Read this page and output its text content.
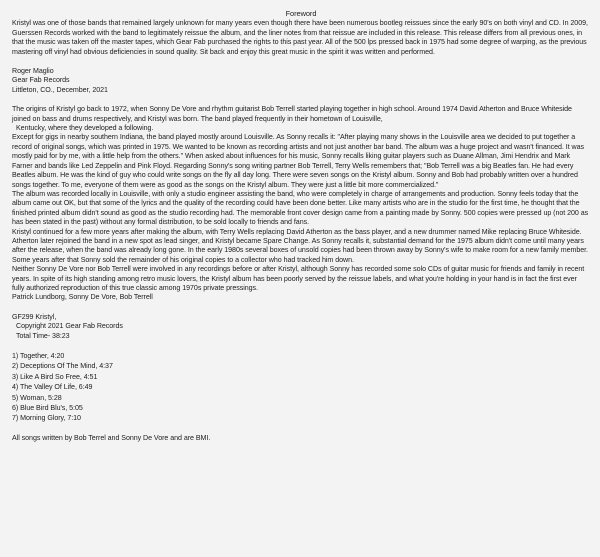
Foreword

Kristyl was one of those bands that remained largely unknown for many years even though there have been numerous bootleg reissues since the early 90's on both vinyl and CD. In 2009, Guerssen Records worked with the band to legitimately reissue the album, and the liner notes from that reissue are included in this release. This release differs from all previous ones, in that the music was taken off the master tapes, which Gear Fab purchased the rights to this past year. All of the 500 lps pressed back in 1975 had some degree of warping, as the previous mastering off vinyl had obvious deficiencies in sound quality. Sit back and enjoy this great music in the spirit it was written and performed.

Roger Maglio

Gear Fab Records

Littleton, CO., December, 2021

The origins of Kristyl go back to 1972, when Sonny De Vore and rhythm guitarist Bob Terrell started playing together in high school. Around 1974 David Atherton and Bruce Whiteside joined on bass and drums respectively, and Kristyl was born. The band played frequently in their hometown of Louisville,

Kentucky, where they developed a following.

Except for gigs in nearby southern Indiana, the band played mostly around Louisville. As Sonny recalls it: "After playing many shows in the Louisville area we decided to put together a record of original songs, which was printed in 1975. We wanted to be known as recording artists and not just another bar band. The album was a huge project and wasn't financed. It was mostly paid for by me, with a little help from the others." When asked about influences for his music, Sonny recalls liking guitar players such as Duane Allman, Jimi Hendrix and Mark Farner and bands like Led Zeppelin and Pink Floyd. Regarding Sonny's song writing partner Bob Terrell, Terry Wells remembers that; "Bob Terrell was a big Beatles fan. He had every Beatles album. He was the kind of guy who could write songs on the fly all day long. There were seven songs on the Kristyl album. Sonny and Bob had probably written over a hundred songs together. To me, everyone of them were as good as the songs on the Kristyl album. They were just a little bit more commercialized."

The album was recorded locally in Louisville, with only a studio engineer assisting the band, who were completely in charge of arrangements and production. Sonny feels today that the album came out OK, but that some of the lyrics and the quality of the recording could have been done better. Like many artists who are in the studio for the first time, he thought that the finished printed album didn't sound as good as the studio recording had. The memorable front cover design came from a painting made by Sonny. 500 copies were pressed up (not 200 as has been stated in the past) without any formal distribution, to be sold locally to friends and fans.

Kristyl continued for a few more years after making the album, with Terry Wells replacing David Atherton as the bass player, and a new drummer named Mike replacing Bruce Whiteside. Atherton later rejoined the band in a new spot as lead singer, and Kristyl became Spare Change. As Sonny recalls it, substantial demand for the 1975 album didn't come until many years after the release, when the band was already long gone. In the early 1980s several boxes of unsold copies had been thrown away by Sonny's wife to make room for a new family member. Some years after that Sonny sold the remainder of his original copies to a collector who had tracked him down.

Neither Sonny De Vore nor Bob Terrell were involved in any recordings before or after Kristyl, although Sonny has recorded some solo CDs of guitar music for friends and family in recent years. In spite of its high standing among retro music lovers, the Kristyl album has been poorly served by the reissue labels, and what you're holding in your hand is in fact the first ever fully authorized reproduction of this true classic among 1970s private pressings.

Patrick Lundborg, Sonny De Vore, Bob Terrell

GF299 Kristyl,

Copyright 2021 Gear Fab Records

Total Time- 38:23

1) Together, 4:20

2) Deceptions Of The Mind, 4:37

3) Like A Bird So Free, 4:51

4) The Valley Of Life, 6:49

5) Woman, 5:28

6) Blue Bird Blu's, 5:05

7) Morning Glory, 7:10

All songs written by Bob Terrel and Sonny De Vore and are BMI.
